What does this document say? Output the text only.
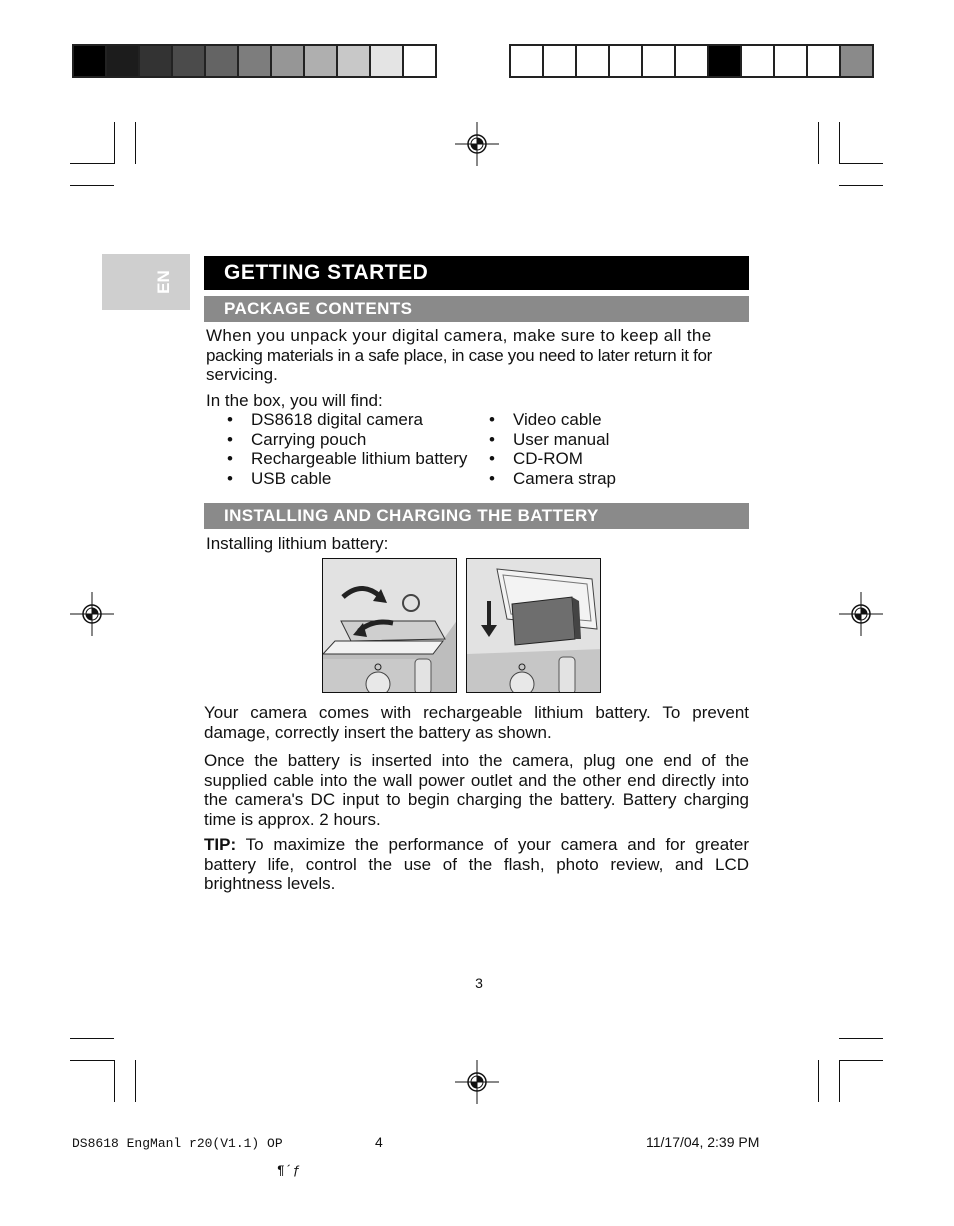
EN	GETTING STARTED
PACKAGE CONTENTS
When you unpack your digital camera, make sure to keep all the
packing materials in a safe place, in case you need to later return it for
servicing.
In the box, you will find:
• DS8618 digital camera
• Carrying pouch
• Rechargeable lithium battery
• USB cable
• Video cable
• User manual
• CD-ROM
• Camera strap
INSTALLING AND CHARGING THE BATTERY
Installing lithium battery:
Your camera comes with rechargeable lithium battery. To prevent damage, correctly insert the battery as shown.
Once the battery is inserted into the camera, plug one end of the supplied cable into the wall power outlet and the other end directly into the camera's DC input to begin charging the battery. Battery charging time is approx. 2 hours.
TIP: To maximize the performance of your camera and for greater battery life, control the use of the flash, photo review, and LCD brightness levels.
3
DS8618 EngManl r20(V1.1) OP	4	11/17/04, 2:39 PM
¶´ƒ
